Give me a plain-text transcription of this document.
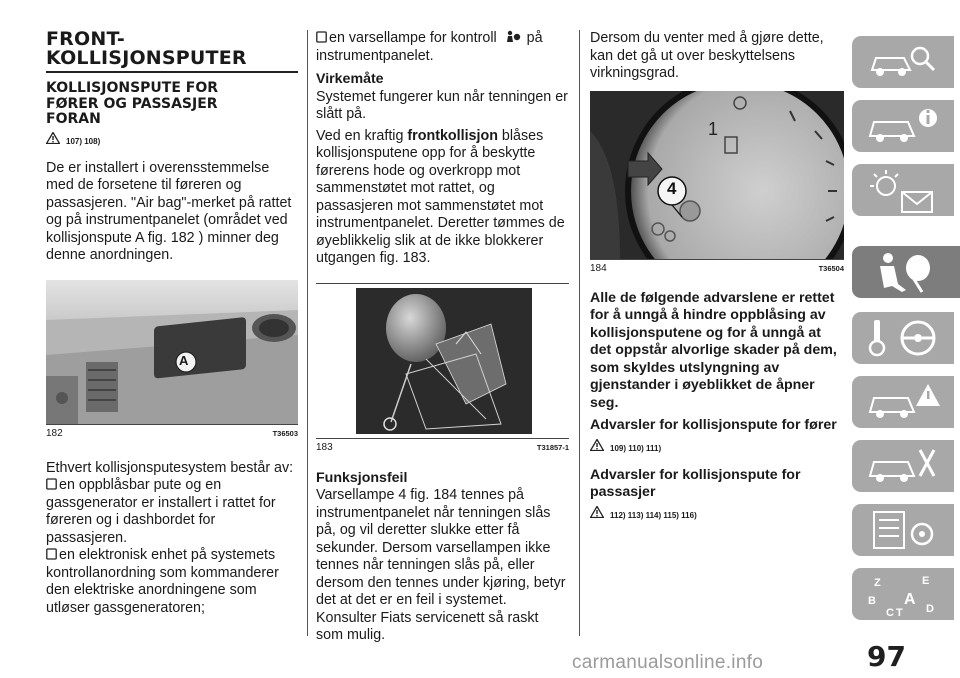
FRONT-
KOLLISJONSPUTER
KOLLISJONSPUTE FOR
FØRER OG PASSASJER
FORAN
107) 108)
De er installert i overensstemmelse med de forsetene til føreren og passasjeren. "Air bag"-merket på rattet og på instrumentpanelet (området ved kollisjonspute A fig. 182 ) minner deg denne anordningen.
A
182	T36503
Ethvert kollisjonsputesystem består av:
en oppblåsbar pute og en gassgenerator er installert i rattet for føreren og i dashbordet for passasjeren.
en elektronisk enhet på systemets kontrollanordning som kommanderer den elektriske anordningene som utløser gassgeneratoren;
en varsellampe for kontroll på instrumentpanelet.
Virkemåte
Systemet fungerer kun når tenningen er slått på.
Ved en kraftig frontkollisjon blåses kollisjonsputene opp for å beskytte førerens hode og overkropp mot sammenstøtet mot rattet, og passasjeren mot sammenstøtet mot instrumentpanelet. Deretter tømmes de øyeblikkelig slik at de ikke blokkerer utgangen fig. 183.
183	T31857-1
Funksjonsfeil
Varsellampe 4 fig. 184 tennes på instrumentpanelet når tenningen slås på, og vil deretter slukke etter få sekunder. Dersom varsellampen ikke tennes når tenningen slås på, eller dersom den tennes under kjøring, betyr det at det er en feil i systemet. Konsulter Fiats servicenett så raskt som mulig.
Dersom du venter med å gjøre dette, kan det gå ut over beskyttelsens virkningsgrad.
1
4
184	T36504
Alle de følgende advarslene er rettet for å unngå å hindre oppblåsing av kollisjonsputene og for å unngå at det oppstår alvorlige skader på dem, som skyldes utslyngning av gjenstander i øyeblikket de åpner seg.
Advarsler for kollisjonspute for fører
109) 110) 111)
Advarsler for kollisjonspute for passasjer
112) 113) 114) 115) 116)
Z	E
B A
C T D
carmanualsonline.info	97
